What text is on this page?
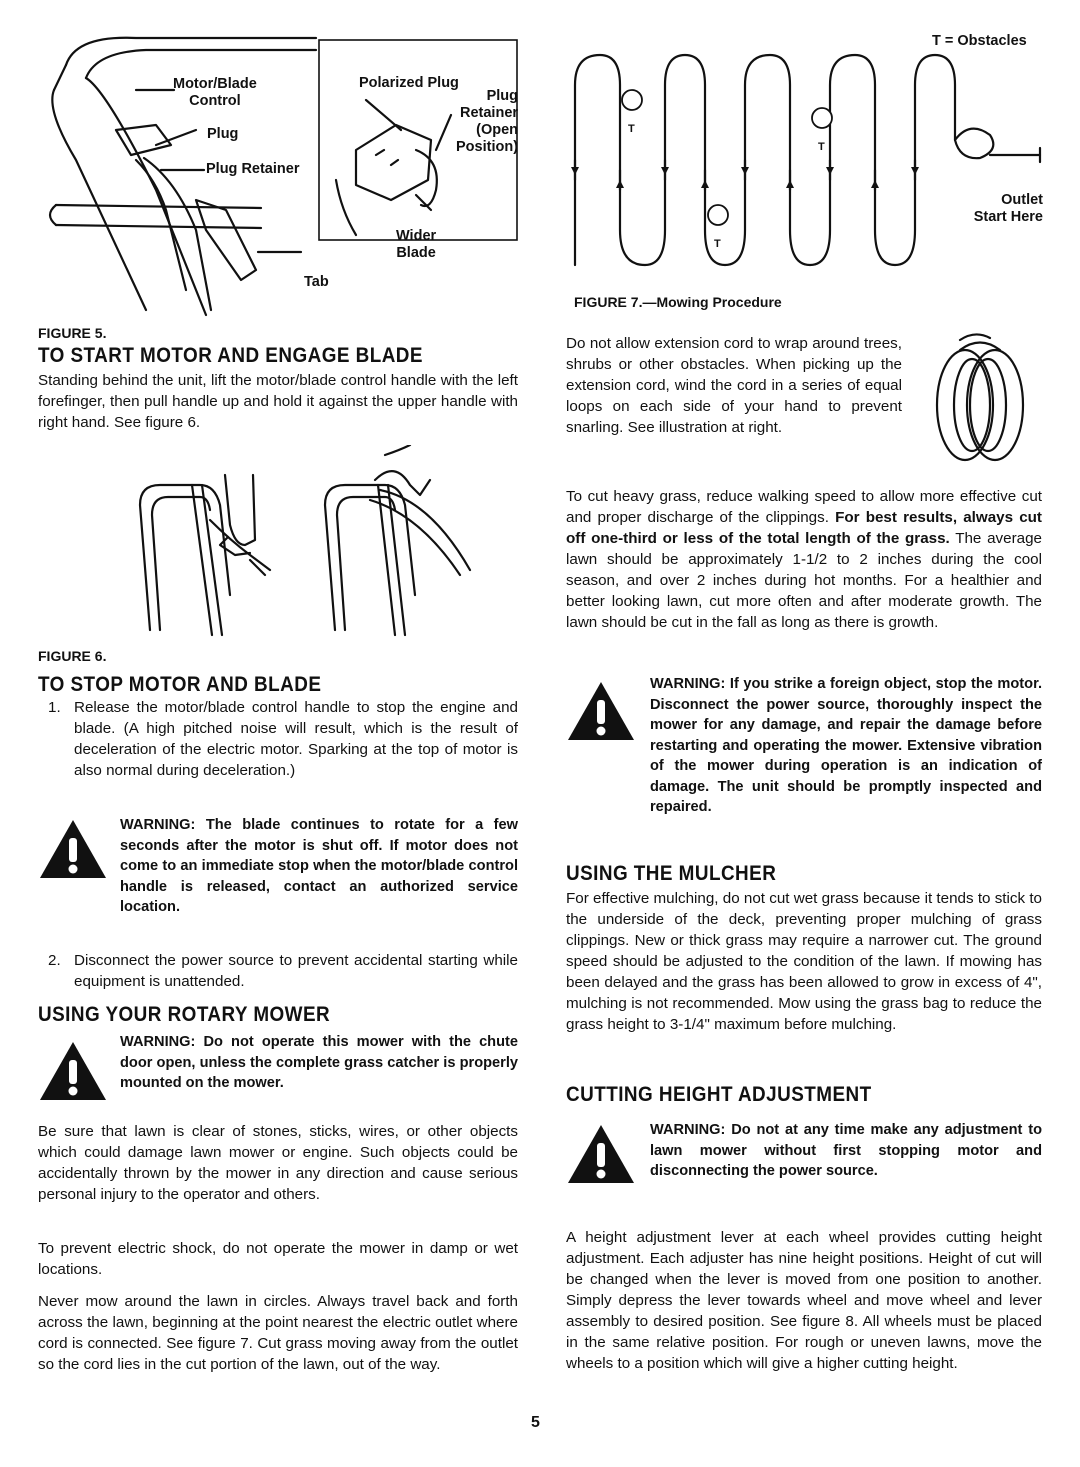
Motor/Blade
Control

Plug

Plug Retainer

Tab

Polarized Plug

Plug
Retainer
(Open
Position)

Wider
Blade

FIGURE 5.

TO START MOTOR AND ENGAGE BLADE

Standing behind the unit, lift the motor/blade control handle with the left forefinger, then pull handle up and hold it against the upper handle with right hand. See figure 6.

FIGURE 6.

TO STOP MOTOR AND BLADE
1. Release the motor/blade control handle to stop the engine and blade. (A high pitched noise will result, which is the result of deceleration of the electric motor. Sparking at the top of motor is also normal during deceleration.)

WARNING: The blade continues to rotate for a few seconds after the motor is shut off. If motor does not come to an immediate stop when the motor/blade control handle is released, contact an authorized service location.

2. Disconnect the power source to prevent accidental starting while equipment is unattended.

USING YOUR ROTARY MOWER

WARNING: Do not operate this mower with the chute door open, unless the complete grass catcher is properly mounted on the mower.

Be sure that lawn is clear of stones, sticks, wires, or other objects which could damage lawn mower or engine. Such objects could be accidentally thrown by the mower in any direction and cause serious personal injury to the operator and others.

To prevent electric shock, do not operate the mower in damp or wet locations.

Never mow around the lawn in circles. Always travel back and forth across the lawn, beginning at the point nearest the electric outlet where cord is connected. See figure 7. Cut grass moving away from the outlet so the cord lies in the cut portion of the lawn, out of the way.

T
T
T

T = Obstacles

Outlet
Start Here

FIGURE 7.—Mowing Procedure

Do not allow extension cord to wrap around trees, shrubs or other obstacles. When picking up the extension cord, wind the cord in a series of equal loops on each side of your hand to prevent snarling. See illustration at right.

To cut heavy grass, reduce walking speed to allow more effective cut and proper discharge of the clippings. For best results, always cut off one-third or less of the total length of the grass. The average lawn should be approximately 1-1/2 to 2 inches during the cool season, and over 2 inches during hot months. For a healthier and better looking lawn, cut more often and after moderate growth. The lawn should be cut in the fall as long as there is growth.

WARNING: If you strike a foreign object, stop the motor. Disconnect the power source, thoroughly inspect the mower for any damage, and repair the damage before restarting and operating the mower. Extensive vibration of the mower during operation is an indication of damage. The unit should be promptly inspected and repaired.

USING THE MULCHER

For effective mulching, do not cut wet grass because it tends to stick to the underside of the deck, preventing proper mulching of grass clippings. New or thick grass may require a narrower cut. The ground speed should be adjusted to the condition of the lawn. If mowing has been delayed and the grass has been allowed to grow in excess of 4", mulching is not recommended. Mow using the grass bag to reduce the grass height to 3-1/4" maximum before mulching.

CUTTING HEIGHT ADJUSTMENT

WARNING: Do not at any time make any adjustment to lawn mower without first stopping motor and disconnecting the power source.

A height adjustment lever at each wheel provides cutting height adjustment. Each adjuster has nine height positions. Height of cut will be changed when the lever is moved from one position to another. Simply depress the lever towards wheel and move wheel and lever assembly to desired position. See figure 8. All wheels must be placed in the same relative position. For rough or uneven lawns, move the wheels to a position which will give a higher cutting height.

5
